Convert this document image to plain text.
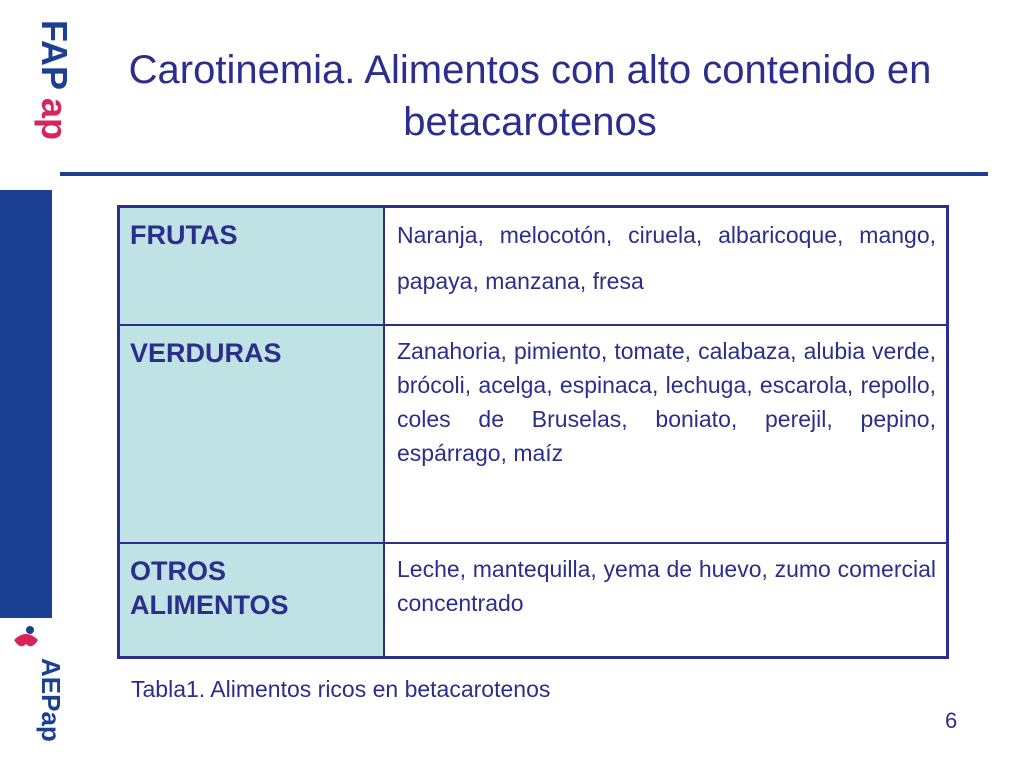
FAP
ap
AEPap
Carotinemia. Alimentos con alto contenido en betacarotenos
FRUTAS	Naranja, melocotón, ciruela, albaricoque, mango, papaya, manzana, fresa
VERDURAS	Zanahoria, pimiento, tomate, calabaza, alubia verde, brócoli, acelga, espinaca, lechuga, escarola, repollo, coles de Bruselas, boniato, perejil, pepino, espárrago, maíz
OTROS ALIMENTOS	Leche, mantequilla, yema de huevo, zumo comercial concentrado
Tabla1. Alimentos ricos en betacarotenos
6
